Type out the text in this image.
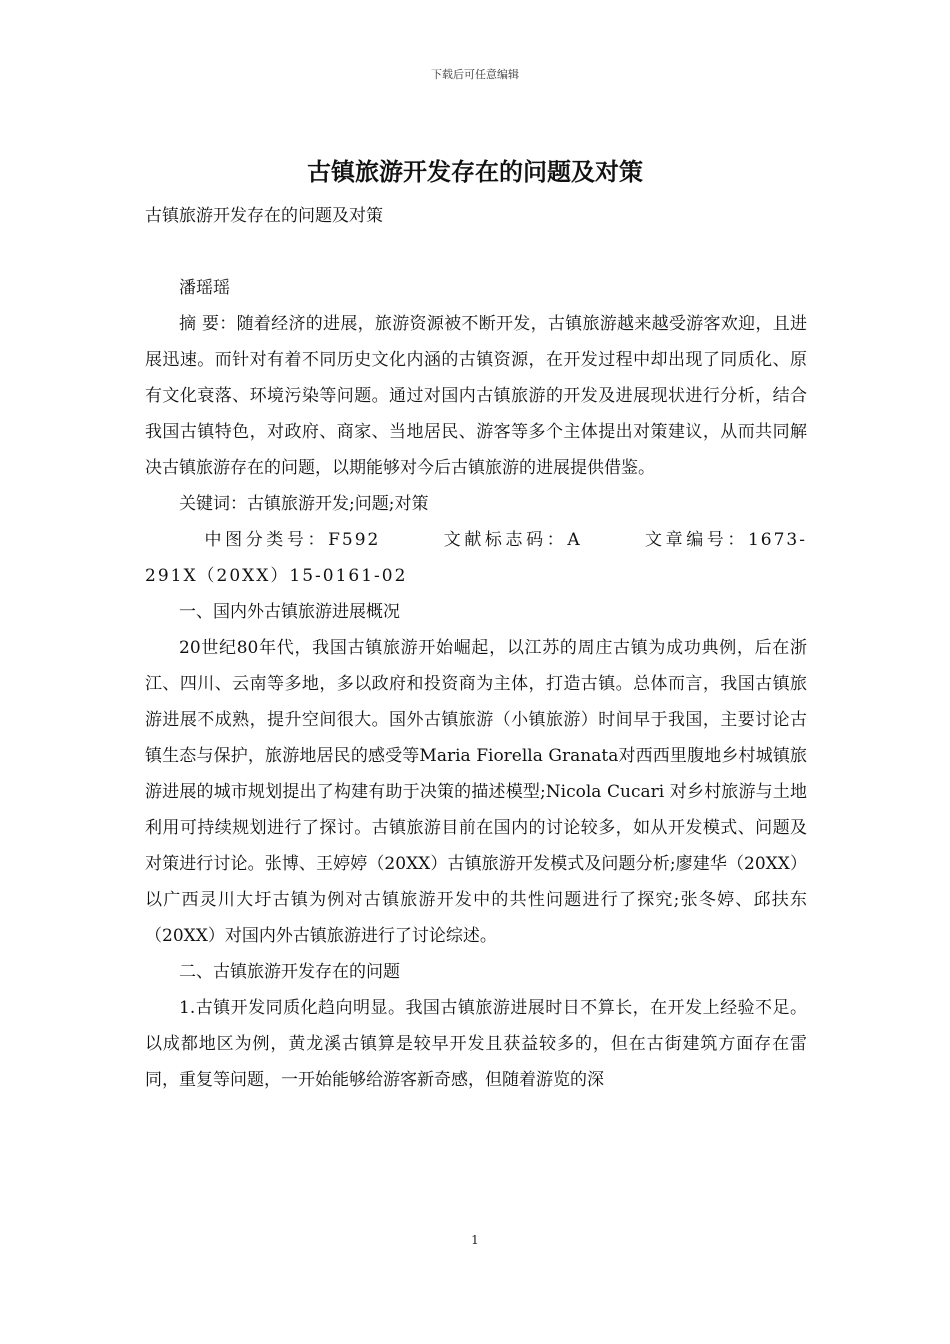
下载后可任意编辑
古镇旅游开发存在的问题及对策

古镇旅游开发存在的问题及对策

潘瑶瑶

摘 要：随着经济的进展，旅游资源被不断开发，古镇旅游越来越受游客欢迎，且进展迅速。而针对有着不同历史文化内涵的古镇资源，在开发过程中却出现了同质化、原有文化衰落、环境污染等问题。通过对国内古镇旅游的开发及进展现状进行分析，结合我国古镇特色，对政府、商家、当地居民、游客等多个主体提出对策建议，从而共同解决古镇旅游存在的问题，以期能够对今后古镇旅游的进展提供借鉴。

关键词：古镇旅游开发;问题;对策

中图分类号：F592　　　文献标志码：A　　　文章编号：1673-291X（20XX）15-0161-02

一、国内外古镇旅游进展概况

20世纪80年代，我国古镇旅游开始崛起，以江苏的周庄古镇为成功典例，后在浙江、四川、云南等多地，多以政府和投资商为主体，打造古镇。总体而言，我国古镇旅游进展不成熟，提升空间很大。国外古镇旅游（小镇旅游）时间早于我国，主要讨论古镇生态与保护，旅游地居民的感受等Maria Fiorella Granata对西西里腹地乡村城镇旅游进展的城市规划提出了构建有助于决策的描述模型;Nicola Cucari 对乡村旅游与土地利用可持续规划进行了探讨。古镇旅游目前在国内的讨论较多，如从开发模式、问题及对策进行讨论。张博、王婷婷（20XX）古镇旅游开发模式及问题分析;廖建华（20XX）以广西灵川大圩古镇为例对古镇旅游开发中的共性问题进行了探究;张冬婷、邱扶东（20XX）对国内外古镇旅游进行了讨论综述。

二、古镇旅游开发存在的问题

1.古镇开发同质化趋向明显。我国古镇旅游进展时日不算长，在开发上经验不足。以成都地区为例，黄龙溪古镇算是较早开发且获益较多的，但在古街建筑方面存在雷同，重复等问题，一开始能够给游客新奇感，但随着游览的深

1
